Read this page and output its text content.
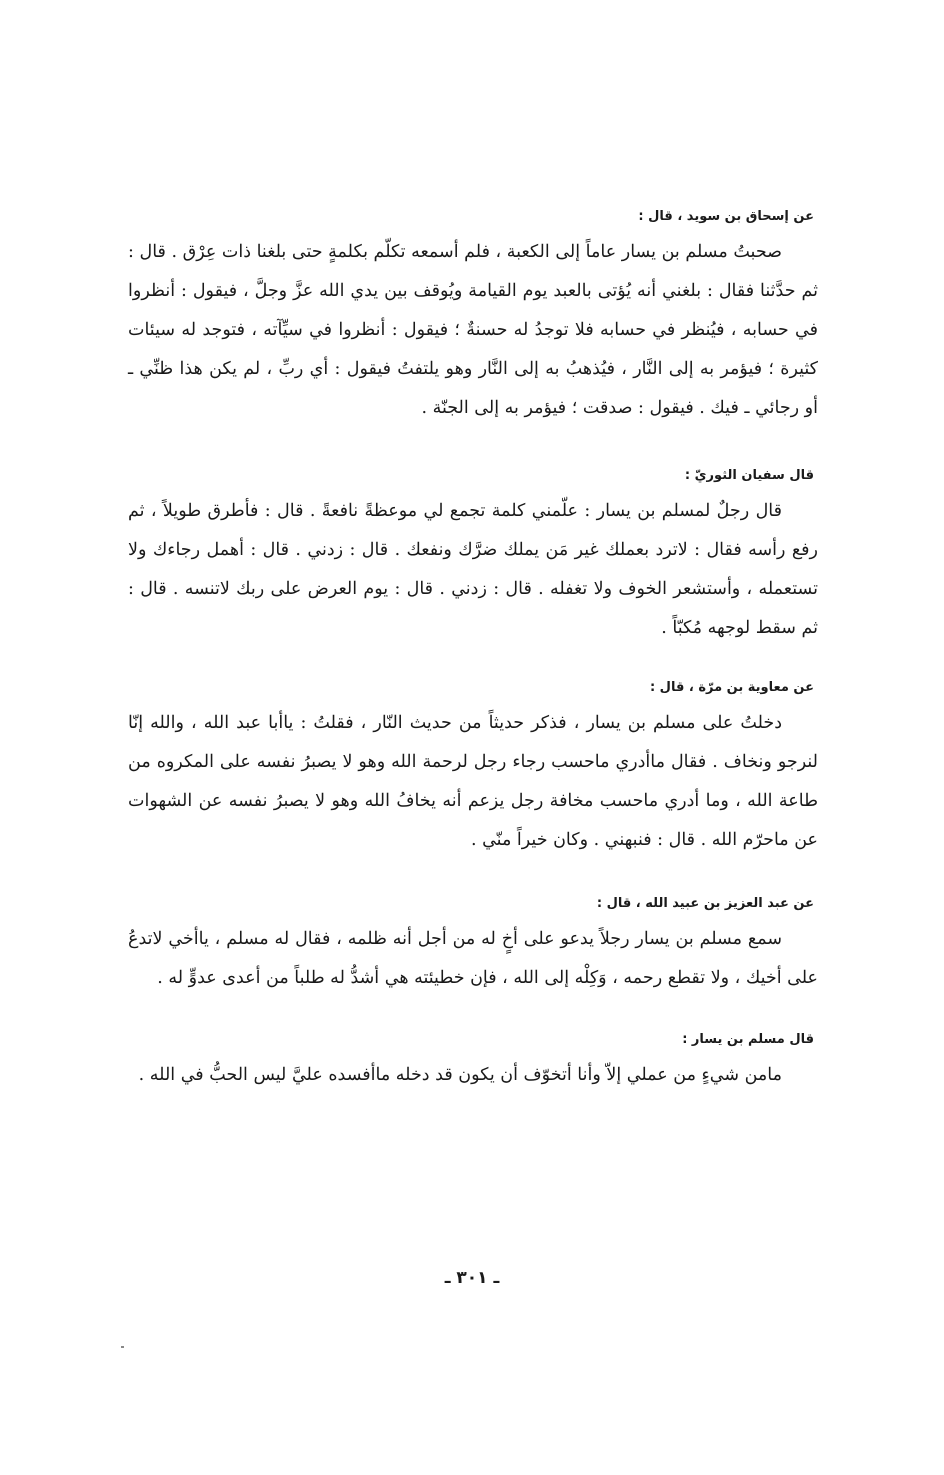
عن إسحاق بن سويد ، قال :

صحبتُ مسلم بن يسار عاماً إلى الكعبة ، فلم أسمعه تكلّم بكلمةٍ حتى بلغنا ذات عِرْق . قال : ثم حدَّثنا فقال : بلغني أنه يُؤتى بالعبد يوم القيامة ويُوقف بين يدي الله عزَّ وجلَّ ، فيقول : أنظروا في حسابه ، فيُنظر في حسابه فلا توجدُ له حسنةٌ ؛ فيقول : أنظروا في سيِّآته ، فتوجد له سيئات كثيرة ؛ فيؤمر به إلى النَّار ، فيُذهبُ به إلى النَّار وهو يلتفتُ فيقول : أي ربِّ ، لم يكن هذا ظنِّي ـ أو رجائي ـ فيك . فيقول : صدقت ؛ فيؤمر به إلى الجنّة .

قال سفيان الثوريّ :

قال رجلٌ لمسلم بن يسار : علّمني كلمة تجمع لي موعظةً نافعةً . قال : فأطرق طويلاً ، ثم رفع رأسه فقال : لاترد بعملك غير مَن يملك ضرَّك ونفعك . قال : زدني . قال : أهمل رجاءك ولا تستعمله ، وأستشعر الخوف ولا تغفله . قال : زدني . قال : يوم العرض على ربك لاتنسه . قال : ثم سقط لوجهه مُكبّاً .

عن معاوية بن مرّة ، قال :

دخلتُ على مسلم بن يسار ، فذكر حديثاً من حديث النّار ، فقلتُ : ياأبا عبد الله ، والله إنّا لنرجو ونخاف . فقال ماأدري ماحسب رجاء رجل لرحمة الله وهو لا يصبرُ نفسه على المكروه من طاعة الله ، وما أدري ماحسب مخافة رجل يزعم أنه يخافُ الله وهو لا يصبرُ نفسه عن الشهوات عن ماحرّم الله . قال : فنبهني . وكان خيراً منّي .

عن عبد العزيز بن عبيد الله ، قال :

سمع مسلم بن يسار رجلاً يدعو على أخٍ له من أجل أنه ظلمه ، فقال له مسلم ، ياأخي لاتدعُ على أخيك ، ولا تقطع رحمه ، وَكِلْه إلى الله ، فإن خطيئته هي أشدُّ له طلباً من أعدى عدوٍّ له .

قال مسلم بن يسار :

مامن شيءٍ من عملي إلاّ وأنا أتخوّف أن يكون قد دخله ماأفسده عليَّ ليس الحبُّ في الله .

ـ ٣٠١ ـ
